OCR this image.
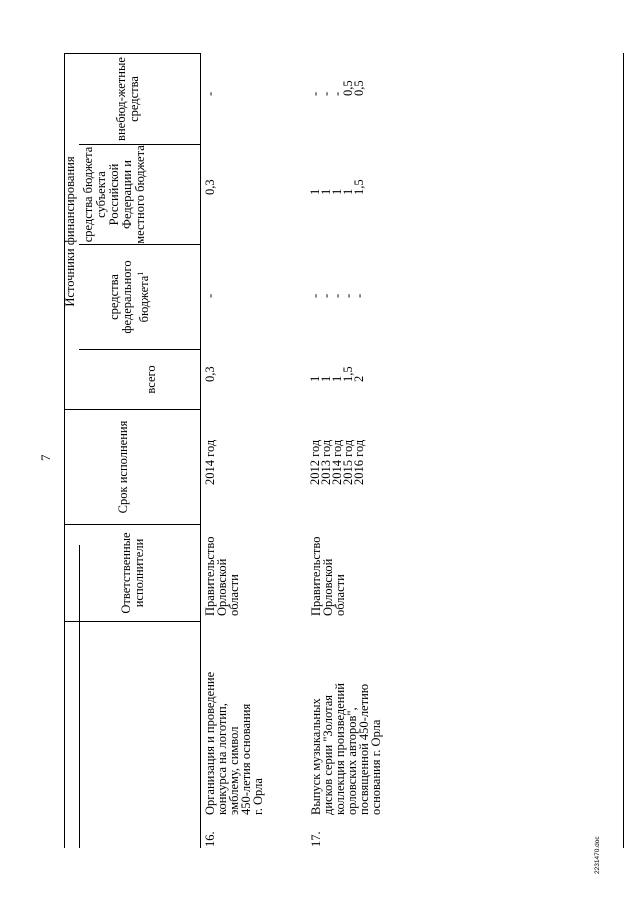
7
Ответственные исполнители
Срок исполнения
Источники финансирования
всего
средства федерального бюджета$^1$
средства бюджета субъекта Российской Федерации и местного бюджета
внебюд-жетные средства
16.
Организация и проведение
конкурса на логотип,
эмблему, символ
450-летия основания
г. Орла
Правительство
Орловской
области
2014 год
0,3
-
0,3
-
17.
Выпуск музыкальных
дисков серии "Золотая
коллекция произведений
орловских авторов",
посвященной 450-летию
основания г. Орла
Правительство
Орловской
области
2012 год
2013 год
2014 год
2015 год
2016 год
1
1
1
1,5
2
-
-
-
-
-
1
1
1
1
1,5
-
-
-
0,5
0,5
2231470.doc
